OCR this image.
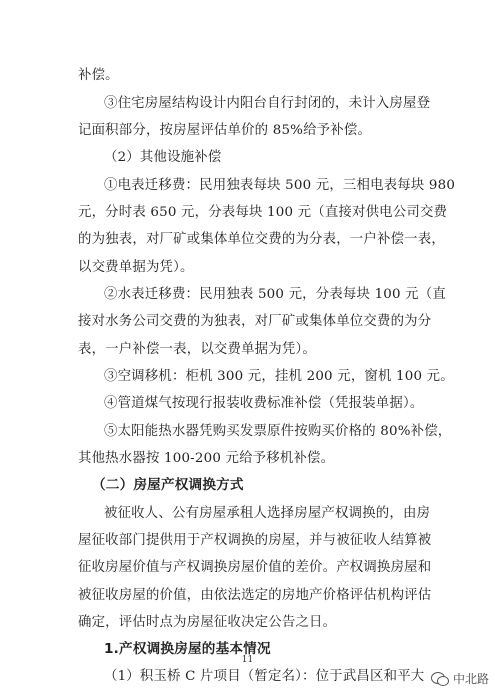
补偿。
③住宅房屋结构设计内阳台自行封闭的，未计入房屋登
记面积部分，按房屋评估单价的 85%给予补偿。
（2）其他设施补偿
①电表迁移费：民用独表每块 500 元，三相电表每块 980
元，分时表 650 元，分表每块 100 元（直接对供电公司交费
的为独表，对厂矿或集体单位交费的为分表，一户补偿一表，
以交费单据为凭）。
②水表迁移费：民用独表 500 元，分表每块 100 元（直
接对水务公司交费的为独表，对厂矿或集体单位交费的为分
表，一户补偿一表，以交费单据为凭）。
③空调移机：柜机 300 元，挂机 200 元，窗机 100 元。
④管道煤气按现行报装收费标准补偿（凭报装单据）。
⑤太阳能热水器凭购买发票原件按购买价格的 80%补偿，
其他热水器按 100-200 元给予移机补偿。
（二）房屋产权调换方式
被征收人、公有房屋承租人选择房屋产权调换的，由房
屋征收部门提供用于产权调换的房屋，并与被征收人结算被
征收房屋价值与产权调换房屋价值的差价。产权调换房屋和
被征收房屋的价值，由依法选定的房地产价格评估机构评估
确定，评估时点为房屋征收决定公告之日。
1.产权调换房屋的基本情况
（1）积玉桥 C 片项目（暂定名）：位于武昌区和平大
11
中北路
